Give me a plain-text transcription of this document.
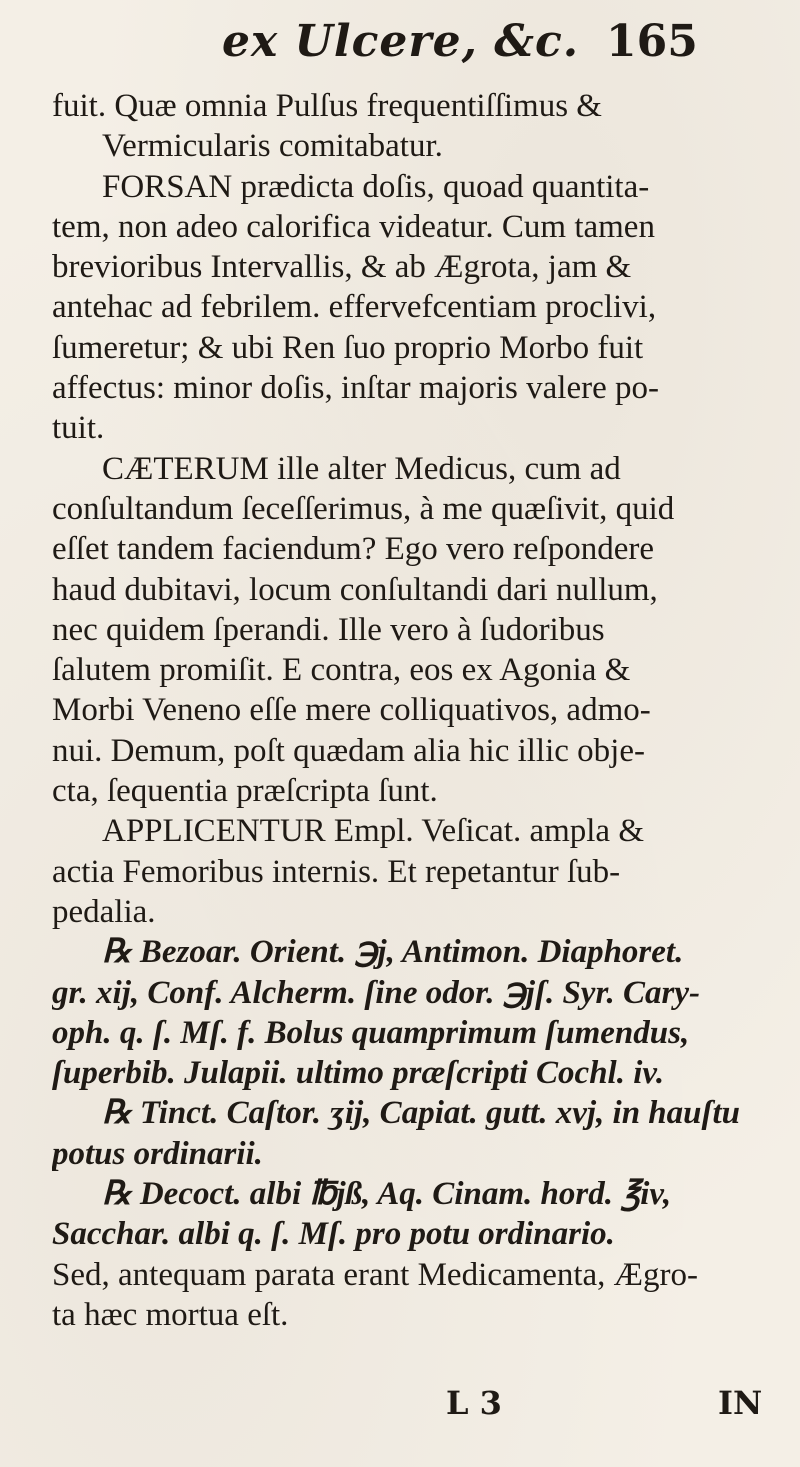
ex Ulcere, &c. 165
fuit. Quæ omnia Pulſus frequentiſſimus &
Vermicularis comitabatur.
FORSAN prædicta doſis, quoad quantita-
tem, non adeo calorifica videatur. Cum tamen
brevioribus Intervallis, & ab Ægrota, jam &
antehac ad febrilem. effervefcentiam proclivi,
ſumeretur; & ubi Ren ſuo proprio Morbo fuit
affectus: minor doſis, inſtar majoris valere po-
tuit.
CÆTERUM ille alter Medicus, cum ad
conſultandum ſeceſſerimus, à me quæſivit, quid
eſſet tandem faciendum? Ego vero reſpondere
haud dubitavi, locum conſultandi dari nullum,
nec quidem ſperandi. Ille vero à ſudoribus
ſalutem promiſit. E contra, eos ex Agonia &
Morbi Veneno eſſe mere colliquativos, admo-
nui. Demum, poſt quædam alia hic illic obje-
cta, ſequentia præſcripta ſunt.
APPLICENTUR Empl. Veſicat. ampla &
actia Femoribus internis. Et repetantur ſub-
pedalia.
℞ Bezoar. Orient. ℈j, Antimon. Diaphoret.
gr. xij, Conf. Alcherm. ſine odor. ℈jſ. Syr. Cary-
oph. q. ſ. Mſ. f. Bolus quamprimum ſumendus,
ſuperbib. Julapii. ultimo præſcripti Cochl. iv.
℞ Tinct. Caſtor. ʒij, Capiat. gutt. xvj, in hauſtu
potus ordinarii.
℞ Decoct. albi ℔jß, Aq. Cinam. hord. ℥iv,
Sacchar. albi q. ſ. Mſ. pro potu ordinario.
Sed, antequam parata erant Medicamenta, Ægro-
ta hæc mortua eſt.
L 3	IN
